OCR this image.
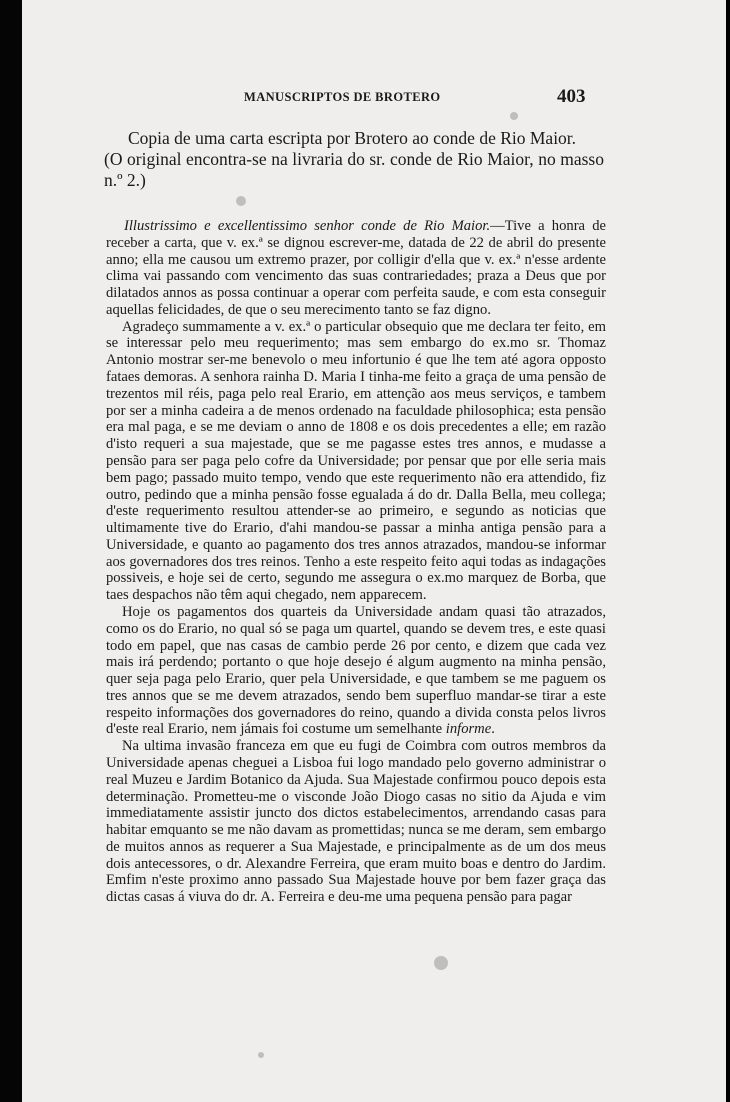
MANUSCRIPTOS DE BROTERO	403
Copia de uma carta escripta por Brotero ao conde de Rio Maior.
(O original encontra-se na livraria do sr. conde de Rio Maior, no masso n.º 2.)

Illustrissimo e excellentissimo senhor conde de Rio Maior.—Tive a honra de receber a carta, que v. ex.ª se dignou escrever-me, datada de 22 de abril do presente anno; ella me causou um extremo prazer, por colligir d'ella que v. ex.ª n'esse ardente clima vai passando com vencimento das suas contrariedades; praza a Deus que por dilatados annos as possa continuar a operar com perfeita saude, e com esta conseguir aquellas felicidades, de que o seu merecimento tanto se faz digno.

Agradeço summamente a v. ex.ª o particular obsequio que me declara ter feito, em se interessar pelo meu requerimento; mas sem embargo do ex.mo sr. Thomaz Antonio mostrar ser-me benevolo o meu infortunio é que lhe tem até agora opposto fataes demoras. A senhora rainha D. Maria I tinha-me feito a graça de uma pensão de trezentos mil réis, paga pelo real Erario, em attenção aos meus serviços, e tambem por ser a minha cadeira a de menos ordenado na faculdade philosophica; esta pensão era mal paga, e se me deviam o anno de 1808 e os dois precedentes a elle; em razão d'isto requeri a sua majestade, que se me pagasse estes tres annos, e mudasse a pensão para ser paga pelo cofre da Universidade; por pensar que por elle seria mais bem pago; passado muito tempo, vendo que este requerimento não era attendido, fiz outro, pedindo que a minha pensão fosse egualada á do dr. Dalla Bella, meu collega; d'este requerimento resultou attender-se ao primeiro, e segundo as noticias que ultimamente tive do Erario, d'ahi mandou-se passar a minha antiga pensão para a Universidade, e quanto ao pagamento dos tres annos atrazados, mandou-se informar aos governadores dos tres reinos. Tenho a este respeito feito aqui todas as indagações possiveis, e hoje sei de certo, segundo me assegura o ex.mo marquez de Borba, que taes despachos não têm aqui chegado, nem apparecem.

Hoje os pagamentos dos quarteis da Universidade andam quasi tão atrazados, como os do Erario, no qual só se paga um quartel, quando se devem tres, e este quasi todo em papel, que nas casas de cambio perde 26 por cento, e dizem que cada vez mais irá perdendo; portanto o que hoje desejo é algum augmento na minha pensão, quer seja paga pelo Erario, quer pela Universidade, e que tambem se me paguem os tres annos que se me devem atrazados, sendo bem superfluo mandar-se tirar a este respeito informações dos governadores do reino, quando a divida consta pelos livros d'este real Erario, nem jámais foi costume um semelhante informe.

Na ultima invasão franceza em que eu fugi de Coimbra com outros membros da Universidade apenas cheguei a Lisboa fui logo mandado pelo governo administrar o real Muzeu e Jardim Botanico da Ajuda. Sua Majestade confirmou pouco depois esta determinação. Prometteu-me o visconde João Diogo casas no sitio da Ajuda e vim immediatamente assistir juncto dos dictos estabelecimentos, arrendando casas para habitar emquanto se me não davam as promettidas; nunca se me deram, sem embargo de muitos annos as requerer a Sua Majestade, e principalmente as de um dos meus dois antecessores, o dr. Alexandre Ferreira, que eram muito boas e dentro do Jardim. Emfim n'este proximo anno passado Sua Majestade houve por bem fazer graça das dictas casas á viuva do dr. A. Ferreira e deu-me uma pequena pensão para pagar
